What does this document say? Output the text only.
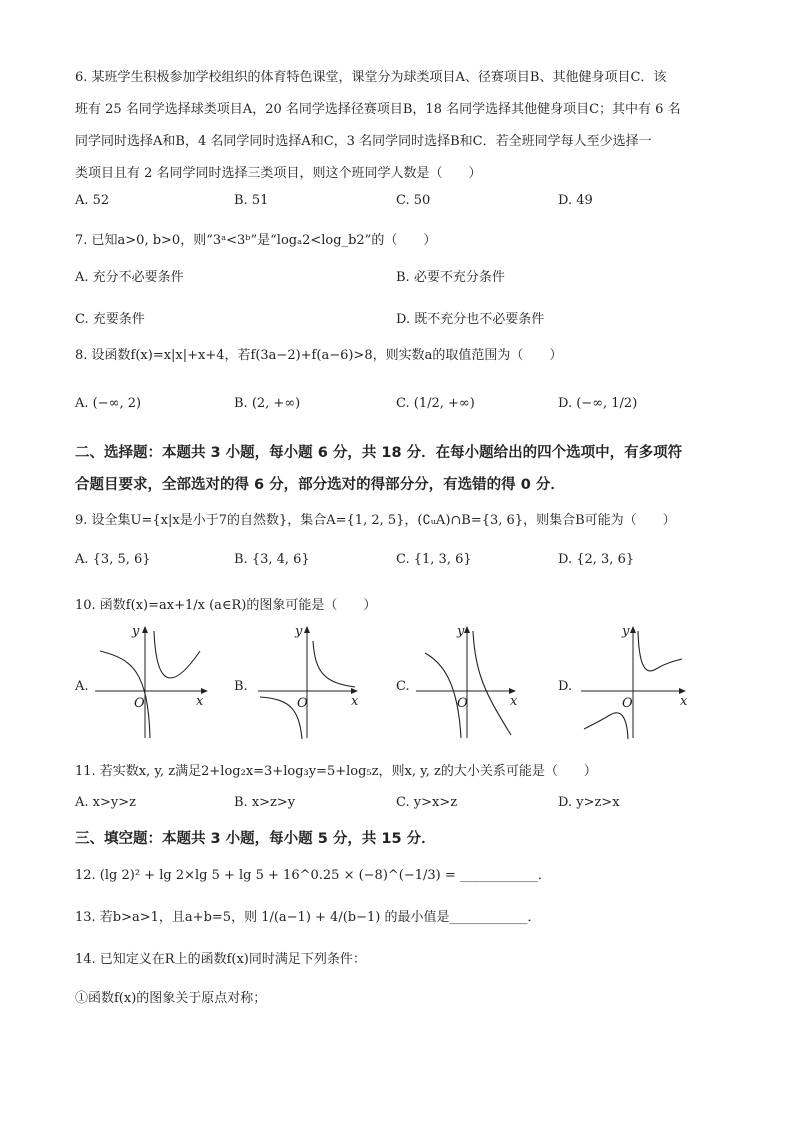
6. 某班学生积极参加学校组织的体育特色课堂，课堂分为球类项目A、径赛项目B、其他健身项目C．该
班有 25 名同学选择球类项目A，20 名同学选择径赛项目B，18 名同学选择其他健身项目C；其中有 6 名
同学同时选择A和B，4 名同学同时选择A和C，3 名同学同时选择B和C．若全班同学每人至少选择一
类项目且有 2 名同学同时选择三类项目，则这个班同学人数是（　　）
A. 52	B. 51	C. 50	D. 49
7. 已知a>0, b>0，则“3ᵃ<3ᵇ”是“logₐ2<log_b2”的（　　）
A. 充分不必要条件	B. 必要不充分条件
C. 充要条件	D. 既不充分也不必要条件
8. 设函数f(x)=x|x|+x+4，若f(3a−2)+f(a−6)>8，则实数a的取值范围为（　　）
A. (−∞, 2)	B. (2, +∞)	C. (1/2, +∞)	D. (−∞, 1/2)
二、选择题：本题共 3 小题，每小题 6 分，共 18 分．在每小题给出的四个选项中，有多项符
合题目要求，全部选对的得 6 分，部分选对的得部分分，有选错的得 0 分．
9. 设全集U={x|x是小于7的自然数}，集合A={1, 2, 5}，(∁ᵤA)∩B={3, 6}，则集合B可能为（　　）
A. {3, 5, 6}	B. {3, 4, 6}	C. {1, 3, 6}	D. {2, 3, 6}
10. 函数f(x)=ax+1/x (a∈R)的图象可能是（　　）
A.
y
x
O
B.
y
x
O
C.
y
x
O
D.
y
x
O
11. 若实数x, y, z满足2+log₂x=3+log₃y=5+log₅z，则x, y, z的大小关系可能是（　　）
A. x>y>z	B. x>z>y	C. y>x>z	D. y>z>x
三、填空题：本题共 3 小题，每小题 5 分，共 15 分．
12. (lg 2)² + lg 2×lg 5 + lg 5 + 16^0.25 × (−8)^(−1/3) = ____________．
13. 若b>a>1，且a+b=5，则 1/(a−1) + 4/(b−1) 的最小值是____________．
14. 已知定义在R上的函数f(x)同时满足下列条件：
①函数f(x)的图象关于原点对称；
